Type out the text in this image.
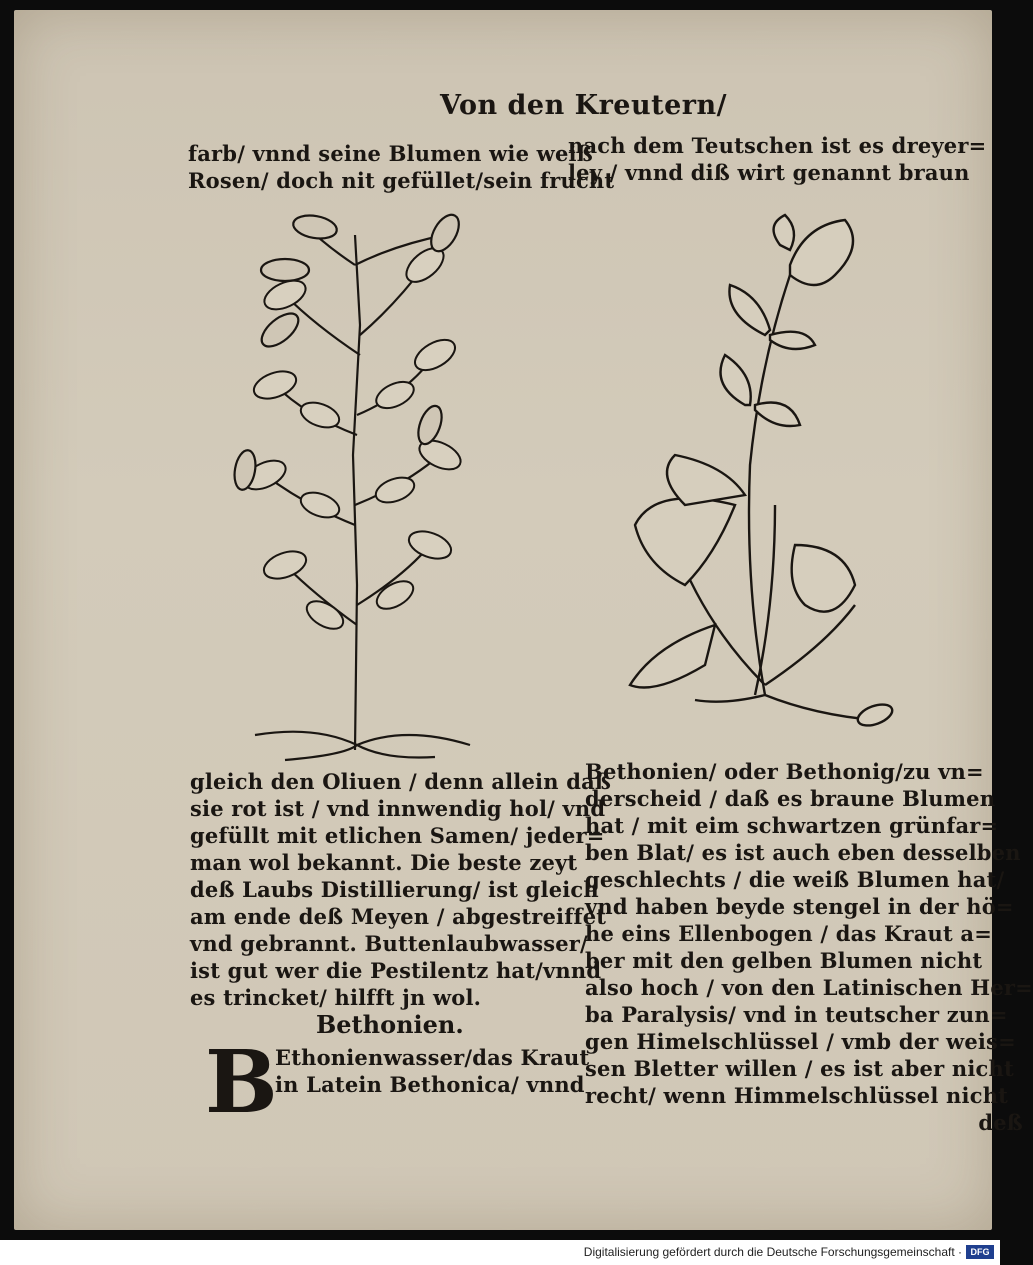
Von den Kreutern/
farb/ vnnd seine Blumen wie weiß
Rosen/ doch nit gefüllet/sein frucht
nach dem Teutschen ist es dreyer=
ley / vnnd diß wirt genannt braun
gleich den Oliuen / denn allein daß
sie rot ist / vnd innwendig hol/ vnd
gefüllt mit etlichen Samen/ jeder=
man wol bekannt. Die beste zeyt
deß Laubs Distillierung/ ist gleich
am ende deß Meyen / abgestreiffet
vnd gebrannt. Buttenlaubwasser/
ist gut wer die Pestilentz hat/vnnd
es trincket/ hilfft jn wol.
Bethonien.
B
Ethonienwasser/das Kraut
in Latein Bethonica/ vnnd
Bethonien/ oder Bethonig/zu vn=
derscheid / daß es braune Blumen
hat / mit eim schwartzen grünfar=
ben Blat/ es ist auch eben desselben
geschlechts / die weiß Blumen hat/
vnd haben beyde stengel in der hö=
he eins Ellenbogen / das Kraut a=
ber mit den gelben Blumen nicht
also hoch / von den Latinischen Her=
ba Paralysis/ vnd in teutscher zun=
gen Himelschlüssel / vmb der weis=
sen Bletter willen / es ist aber nicht
recht/ wenn Himmelschlüssel nicht
deß
Digitalisierung gefördert durch die Deutsche Forschungsgemeinschaft · DFG
